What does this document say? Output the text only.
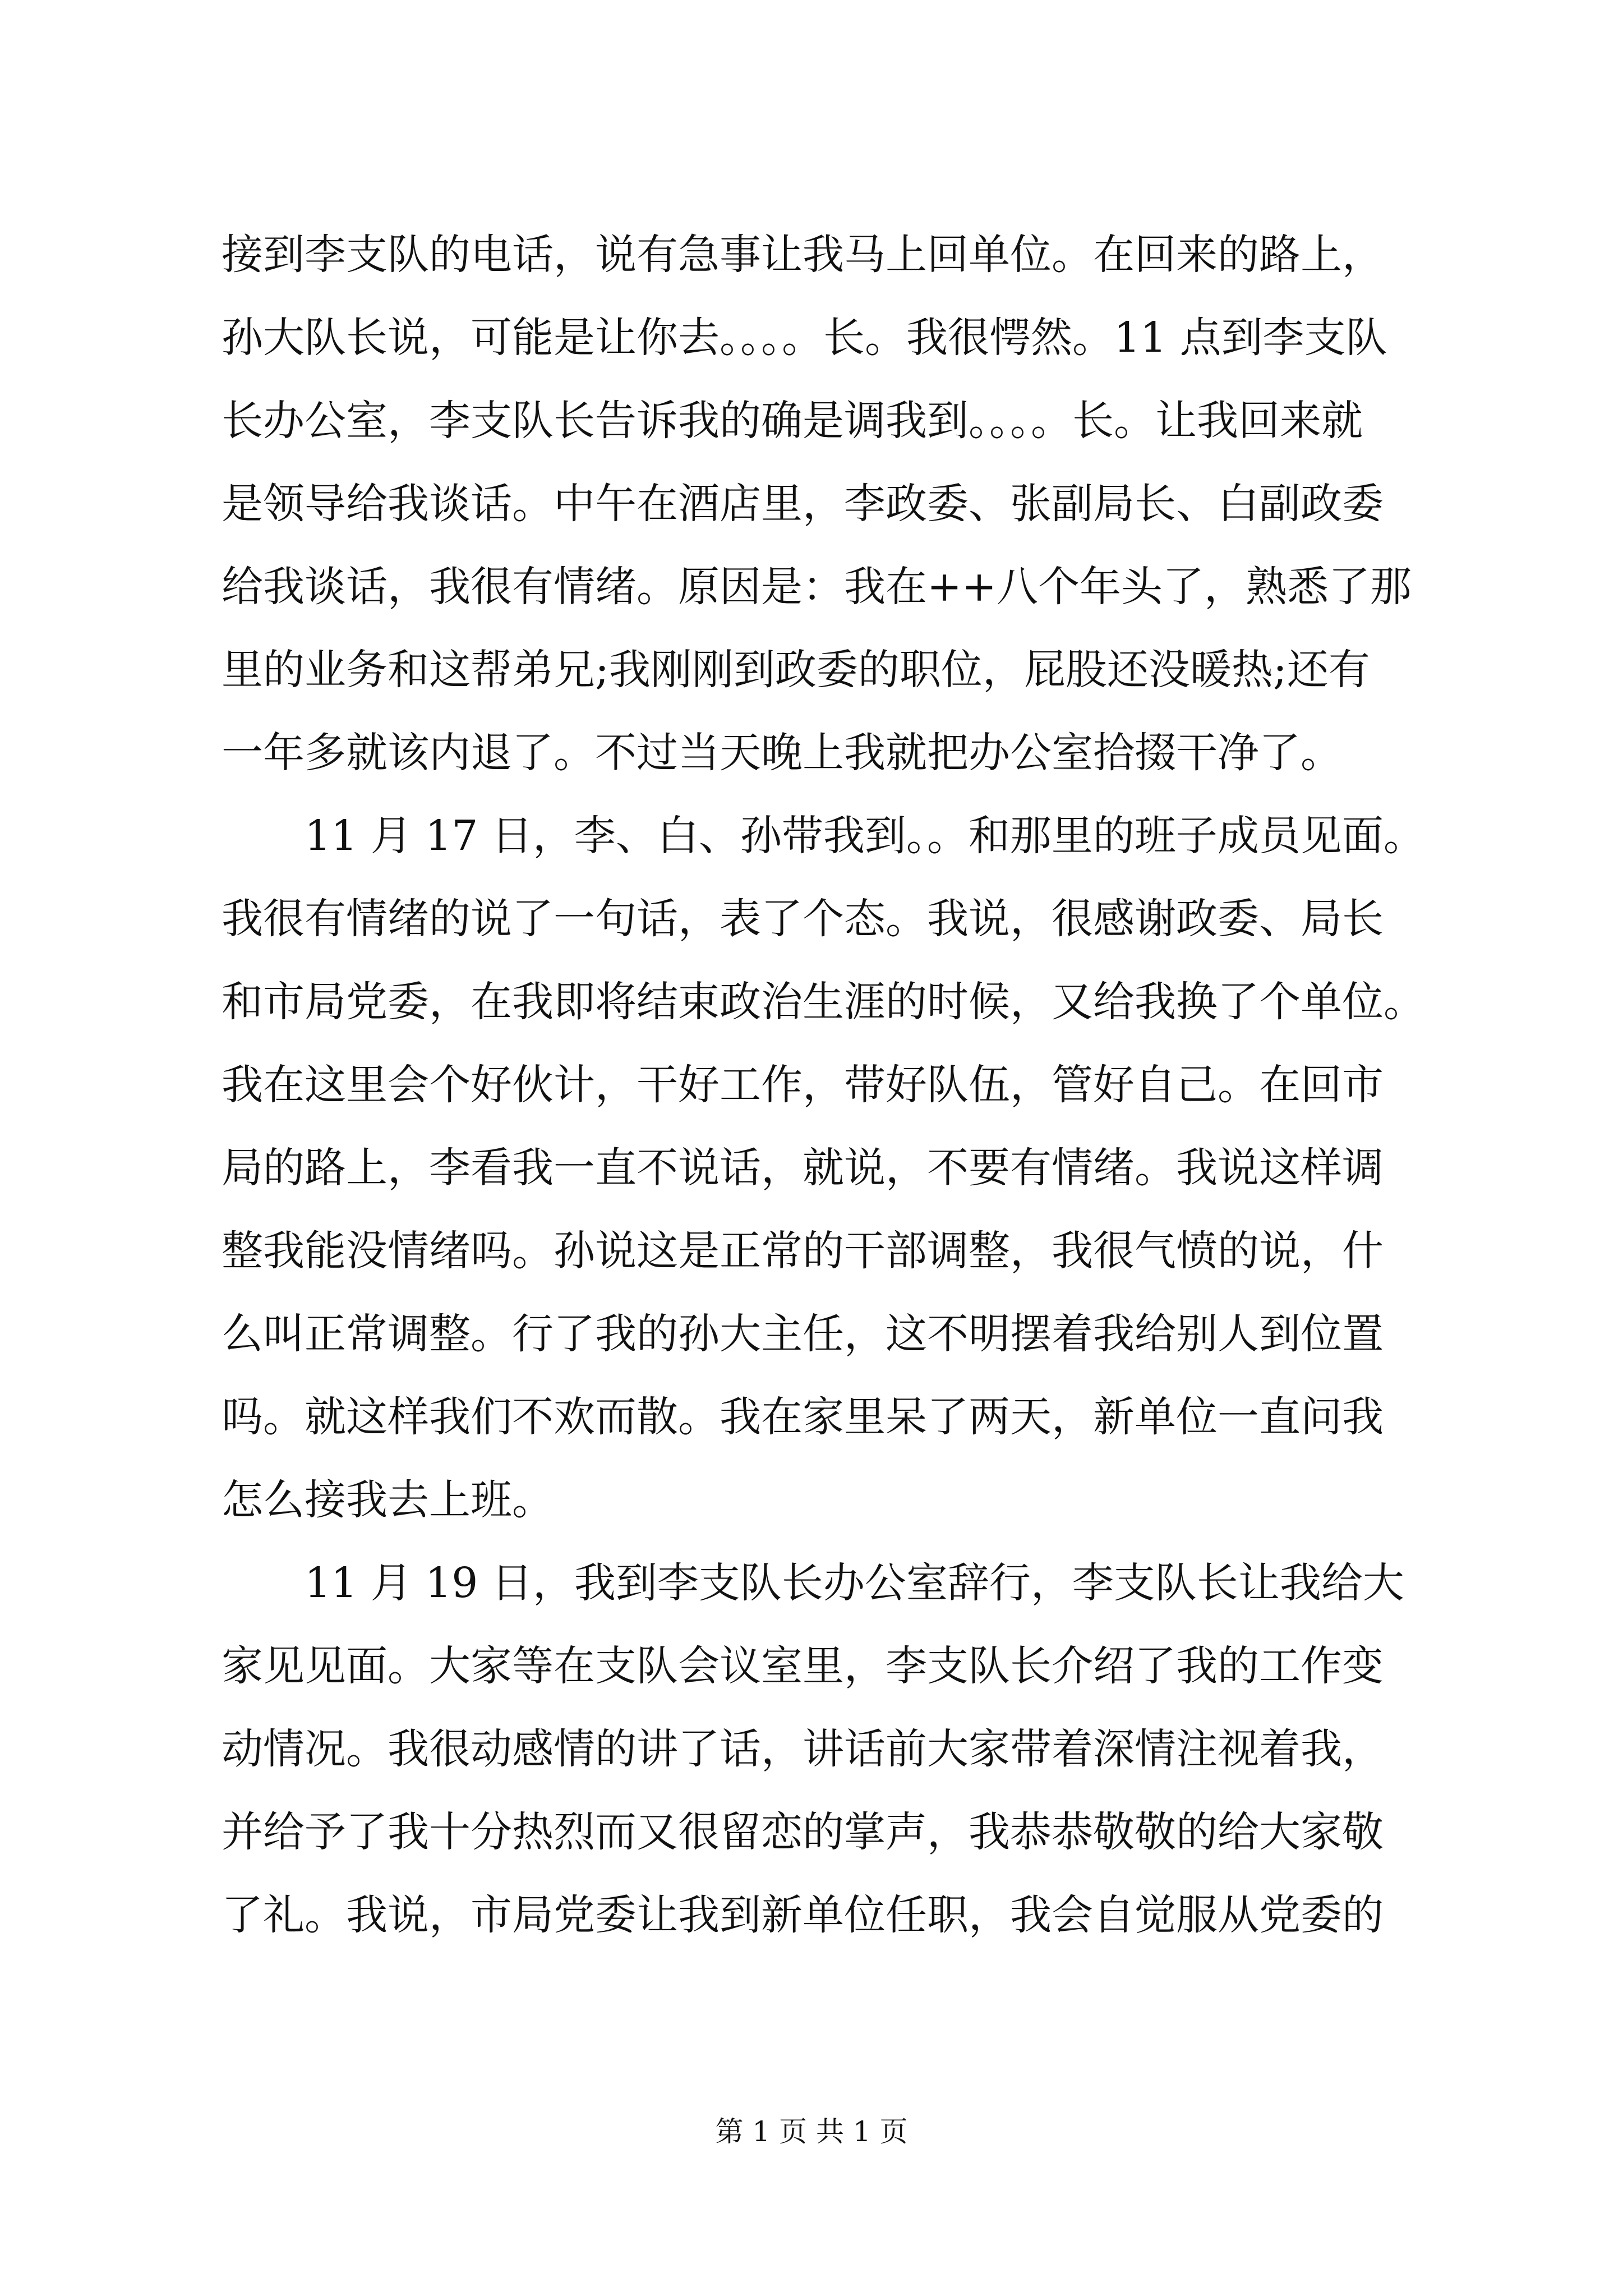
接到李支队的电话，说有急事让我马上回单位。在回来的路上，
孙大队长说，可能是让你去。。。。长。我很愕然。11 点到李支队
长办公室，李支队长告诉我的确是调我到。。。。长。让我回来就
是领导给我谈话。中午在酒店里，李政委、张副局长、白副政委
给我谈话，我很有情绪。原因是：我在++八个年头了，熟悉了那
里的业务和这帮弟兄;我刚刚到政委的职位，屁股还没暖热;还有
一年多就该内退了。不过当天晚上我就把办公室拾掇干净了。
　　11 月 17 日，李、白、孙带我到。。和那里的班子成员见面。
我很有情绪的说了一句话，表了个态。我说，很感谢政委、局长
和市局党委，在我即将结束政治生涯的时候，又给我换了个单位。
我在这里会个好伙计，干好工作，带好队伍，管好自己。在回市
局的路上，李看我一直不说话，就说，不要有情绪。我说这样调
整我能没情绪吗。孙说这是正常的干部调整，我很气愤的说，什
么叫正常调整。行了我的孙大主任，这不明摆着我给别人到位置
吗。就这样我们不欢而散。我在家里呆了两天，新单位一直问我
怎么接我去上班。
　　11 月 19 日，我到李支队长办公室辞行，李支队长让我给大
家见见面。大家等在支队会议室里，李支队长介绍了我的工作变
动情况。我很动感情的讲了话，讲话前大家带着深情注视着我，
并给予了我十分热烈而又很留恋的掌声，我恭恭敬敬的给大家敬
了礼。我说，市局党委让我到新单位任职，我会自觉服从党委的
第 1 页 共 1 页
